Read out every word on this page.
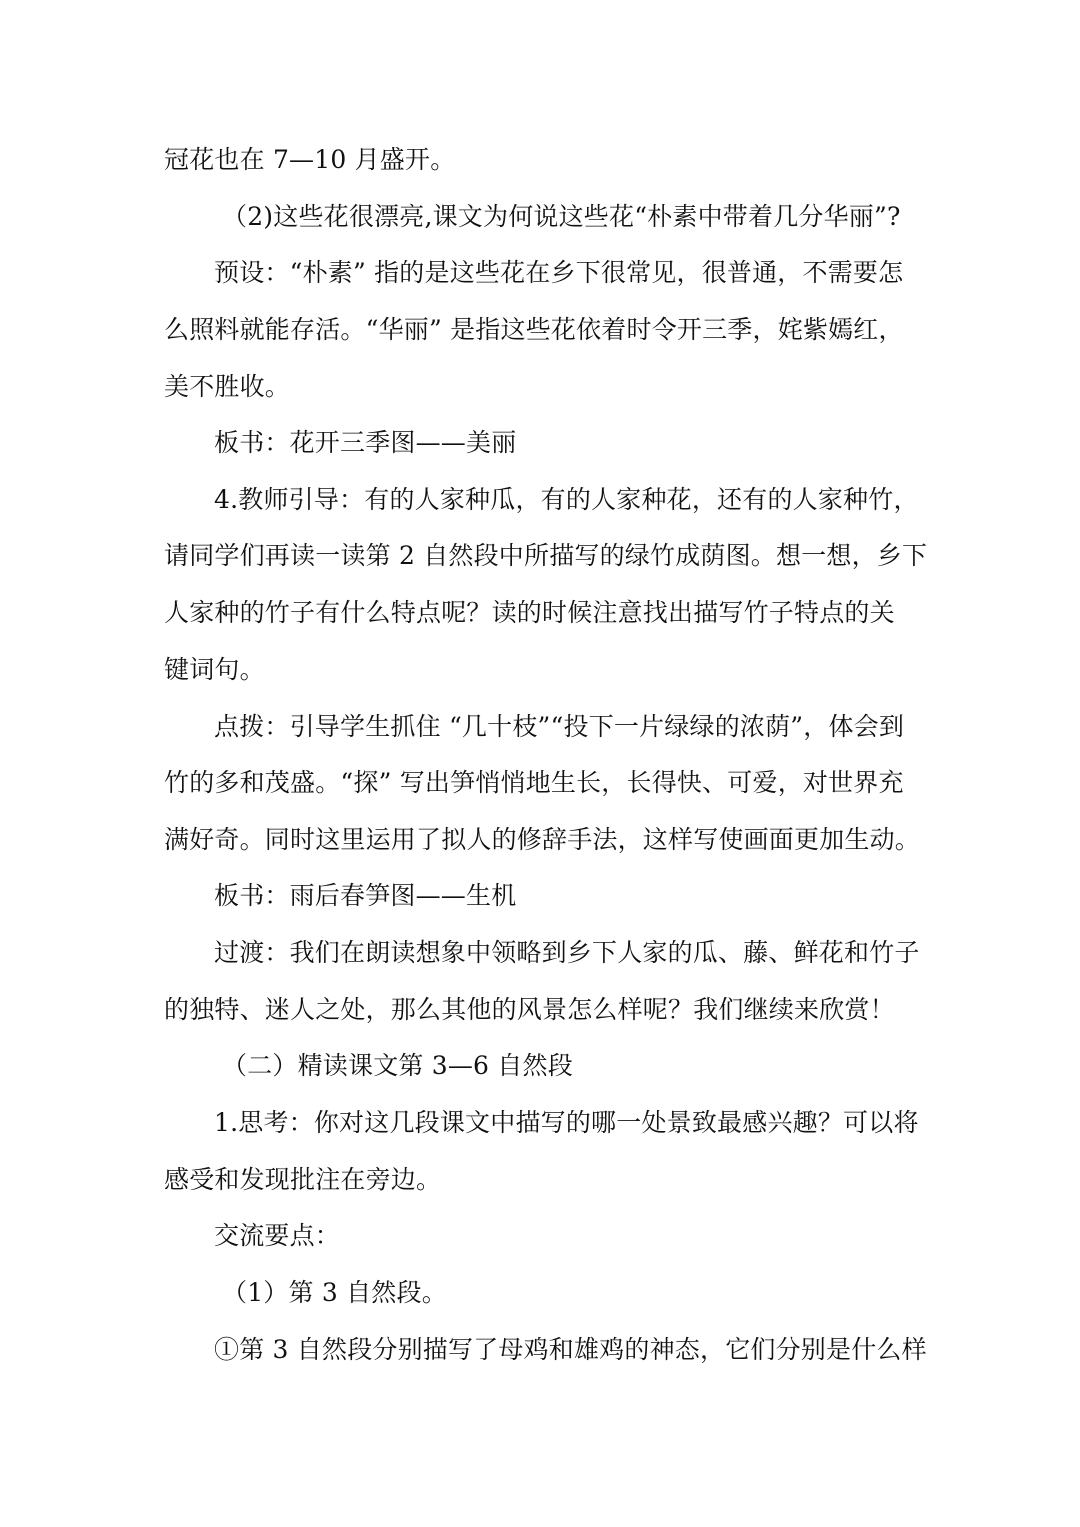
冠花也在 7—10 月盛开。
（2)这些花很漂亮,课文为何说这些花“朴素中带着几分华丽”?
预设：“朴素” 指的是这些花在乡下很常见，很普通，不需要怎
么照料就能存活。“华丽” 是指这些花依着时令开三季，姹紫嫣红，
美不胜收。
板书：花开三季图——美丽
4.教师引导：有的人家种瓜，有的人家种花，还有的人家种竹，
请同学们再读一读第 2 自然段中所描写的绿竹成荫图。想一想，乡下
人家种的竹子有什么特点呢？读的时候注意找出描写竹子特点的关
键词句。
点拨：引导学生抓住 “几十枝”“投下一片绿绿的浓荫”，体会到
竹的多和茂盛。“探” 写出笋悄悄地生长，长得快、可爱，对世界充
满好奇。同时这里运用了拟人的修辞手法，这样写使画面更加生动。
板书：雨后春笋图——生机
过渡：我们在朗读想象中领略到乡下人家的瓜、藤、鲜花和竹子
的独特、迷人之处，那么其他的风景怎么样呢？我们继续来欣赏！
（二）精读课文第 3—6 自然段
1.思考：你对这几段课文中描写的哪一处景致最感兴趣？可以将
感受和发现批注在旁边。
交流要点：
（1）第 3 自然段。
①第 3 自然段分别描写了母鸡和雄鸡的神态，它们分别是什么样
